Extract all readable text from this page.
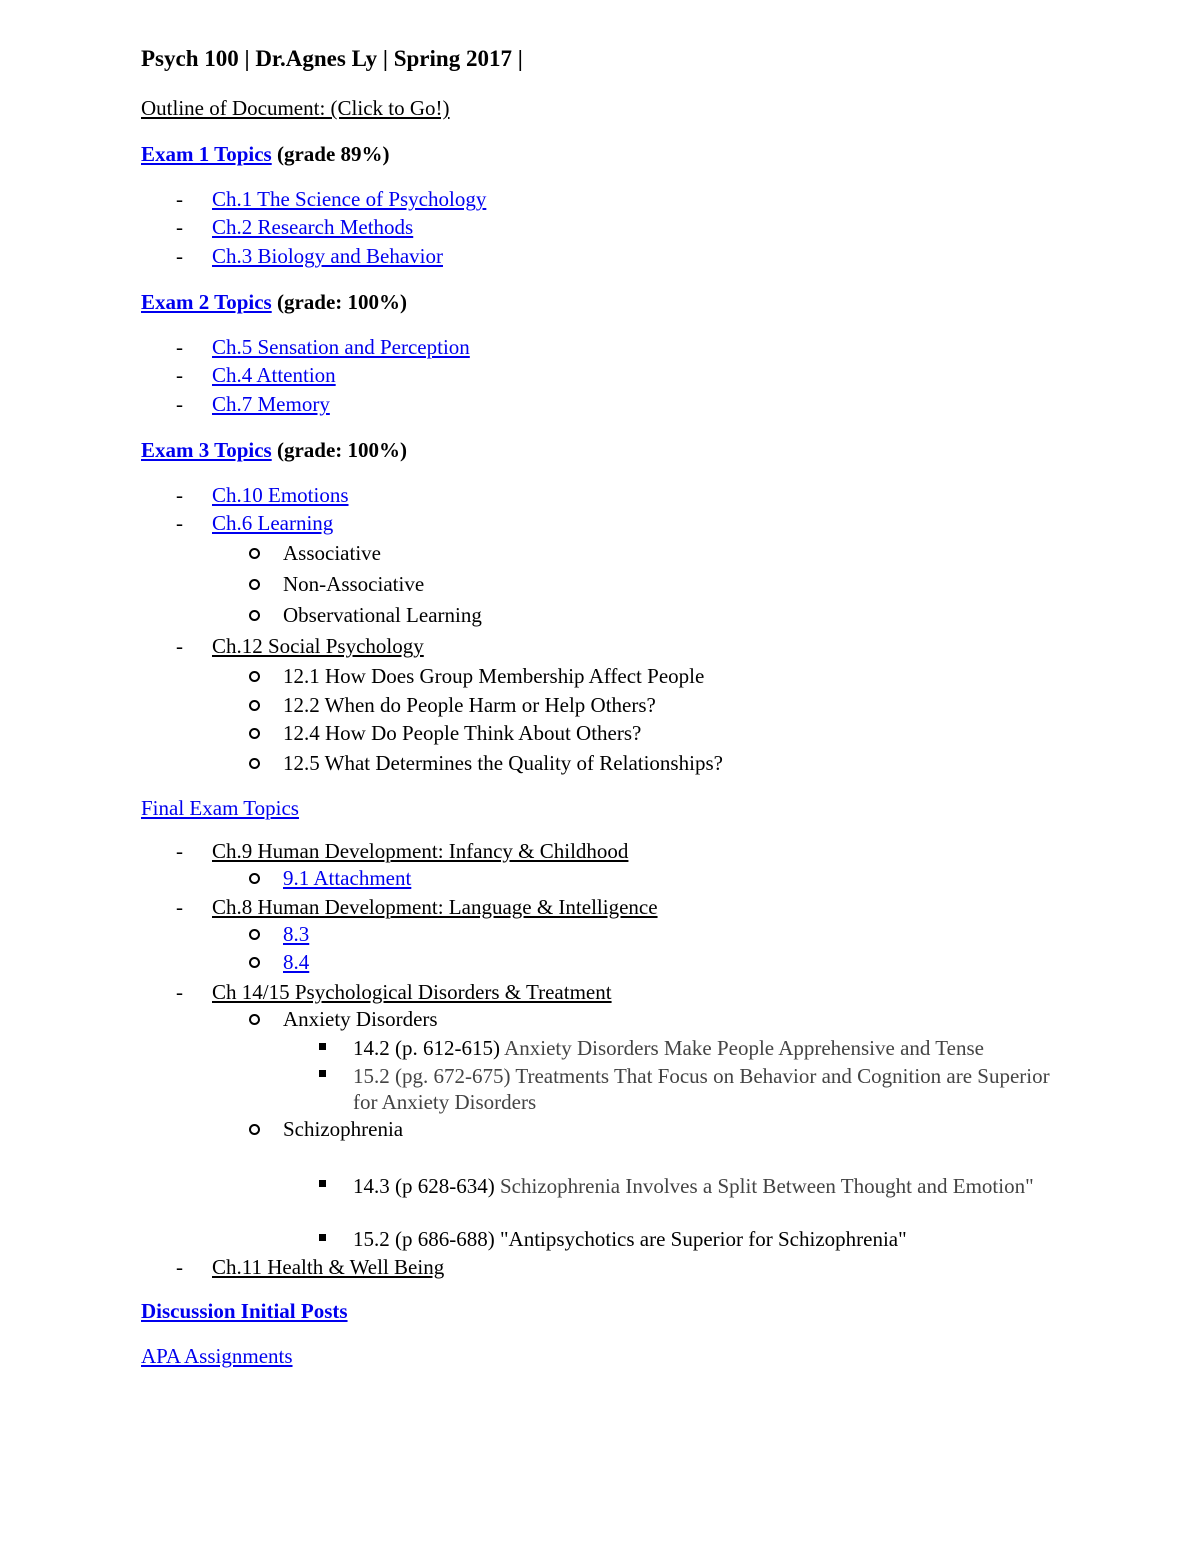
Psych 100 | Dr.Agnes Ly | Spring 2017 |
Outline of Document: (Click to Go!)
Exam 1 Topics (grade 89%)
- Ch.1 The Science of Psychology
- Ch.2 Research Methods
- Ch.3 Biology and Behavior
Exam 2 Topics (grade: 100%)
- Ch.5 Sensation and Perception
- Ch.4 Attention
- Ch.7 Memory
Exam 3 Topics (grade: 100%)
- Ch.10 Emotions
- Ch.6 Learning
Associative
Non-Associative
Observational Learning
- Ch.12 Social Psychology
12.1 How Does Group Membership Affect People
12.2 When do People Harm or Help Others?
12.4 How Do People Think About Others?
12.5 What Determines the Quality of Relationships?
Final Exam Topics
- Ch.9 Human Development: Infancy & Childhood
9.1 Attachment
- Ch.8 Human Development: Language & Intelligence
8.3
8.4
- Ch 14/15 Psychological Disorders & Treatment
Anxiety Disorders
14.2 (p. 612-615) Anxiety Disorders Make People Apprehensive and Tense
15.2 (pg. 672-675) Treatments That Focus on Behavior and Cognition are Superior for Anxiety Disorders
Schizophrenia
14.3 (p 628-634) Schizophrenia Involves a Split Between Thought and Emotion"
15.2 (p 686-688) "Antipsychotics are Superior for Schizophrenia"
- Ch.11 Health & Well Being
Discussion Initial Posts
APA Assignments
